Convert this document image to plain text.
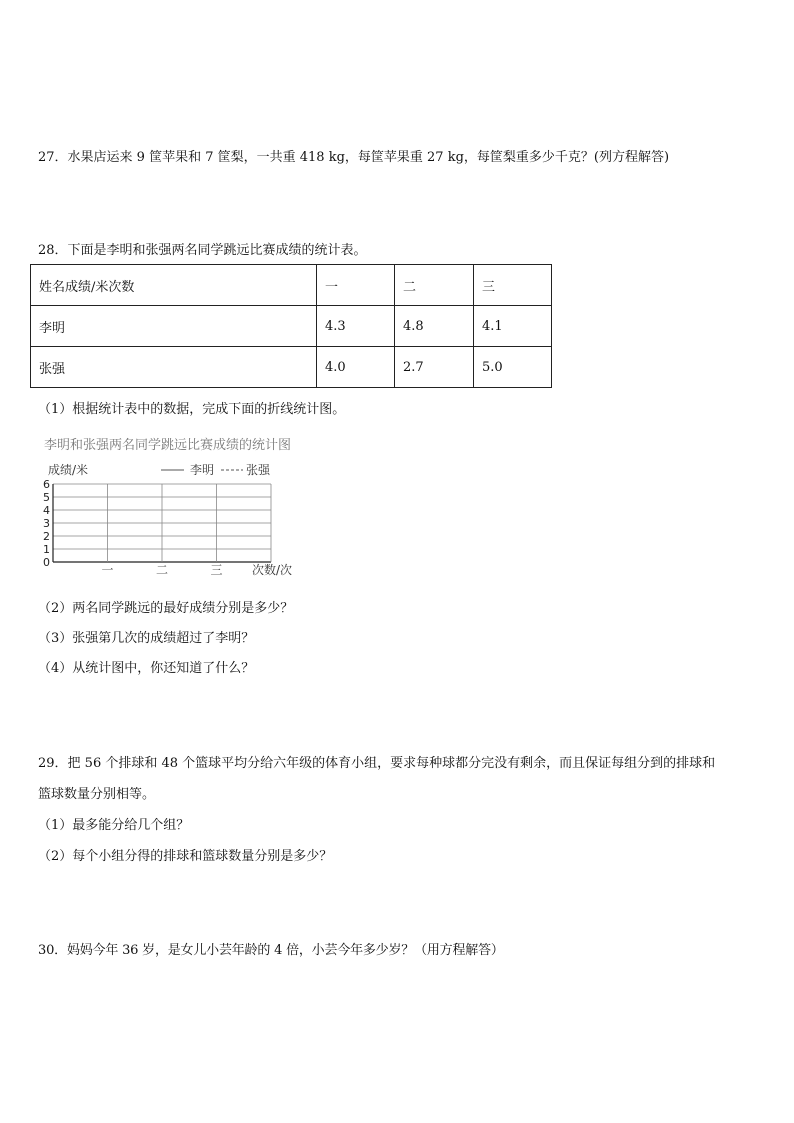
27．水果店运来 9 筐苹果和 7 筐梨，一共重 418 kg，每筐苹果重 27 kg，每筐梨重多少千克？(列方程解答)
28．下面是李明和张强两名同学跳远比赛成绩的统计表。
姓名成绩/米次数	一	二	三
李明	4.3	4.8	4.1
张强	4.0	2.7	5.0
（1）根据统计表中的数据，完成下面的折线统计图。
李明和张强两名同学跳远比赛成绩的统计图
成绩/米	李明	张强
0
1
2
3
4
5
6
一	二	三 次数/次
（2）两名同学跳远的最好成绩分别是多少？
（3）张强第几次的成绩超过了李明？
（4）从统计图中，你还知道了什么？
29．把 56 个排球和 48 个篮球平均分给六年级的体育小组，要求每种球都分完没有剩余，而且保证每组分到的排球和
篮球数量分别相等。
（1）最多能分给几个组？
（2）每个小组分得的排球和篮球数量分别是多少？
30．妈妈今年 36 岁，是女儿小芸年龄的 4 倍，小芸今年多少岁？（用方程解答）
